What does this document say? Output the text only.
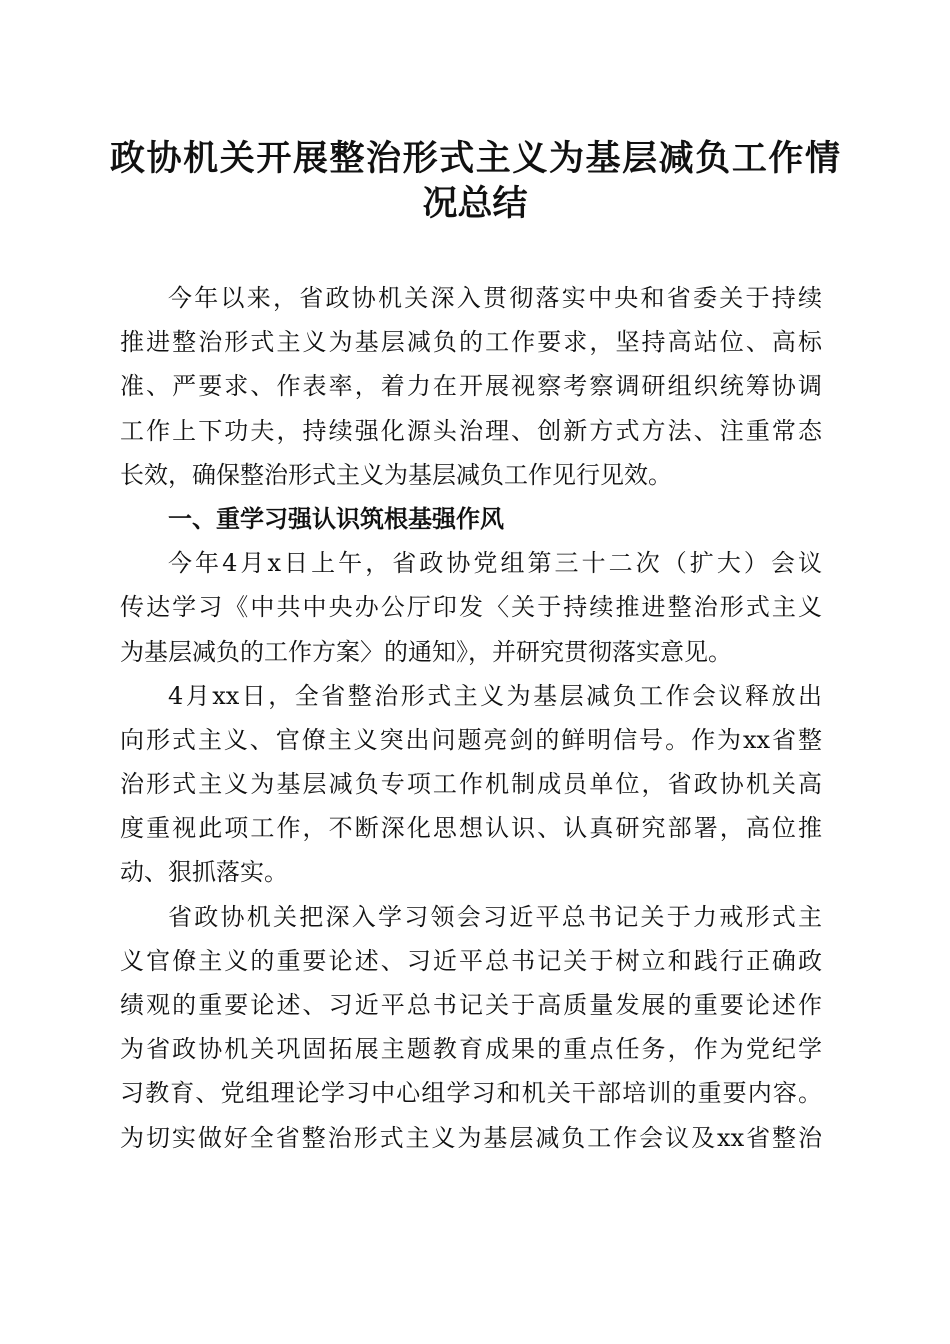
政协机关开展整治形式主义为基层减负工作情
况总结
今年以来，省政协机关深入贯彻落实中央和省委关于持续
推进整治形式主义为基层减负的工作要求，坚持高站位、高标
准、严要求、作表率，着力在开展视察考察调研组织统筹协调
工作上下功夫，持续强化源头治理、创新方式方法、注重常态
长效，确保整治形式主义为基层减负工作见行见效。
一、重学习强认识筑根基强作风
今年4月x日上午，省政协党组第三十二次（扩大）会议
传达学习《中共中央办公厅印发〈关于持续推进整治形式主义
为基层减负的工作方案〉的通知》，并研究贯彻落实意见。
4月xx日，全省整治形式主义为基层减负工作会议释放出
向形式主义、官僚主义突出问题亮剑的鲜明信号。作为xx省整
治形式主义为基层减负专项工作机制成员单位，省政协机关高
度重视此项工作，不断深化思想认识、认真研究部署，高位推
动、狠抓落实。
省政协机关把深入学习领会习近平总书记关于力戒形式主
义官僚主义的重要论述、习近平总书记关于树立和践行正确政
绩观的重要论述、习近平总书记关于高质量发展的重要论述作
为省政协机关巩固拓展主题教育成果的重点任务，作为党纪学
习教育、党组理论学习中心组学习和机关干部培训的重要内容。
为切实做好全省整治形式主义为基层减负工作会议及xx省整治
